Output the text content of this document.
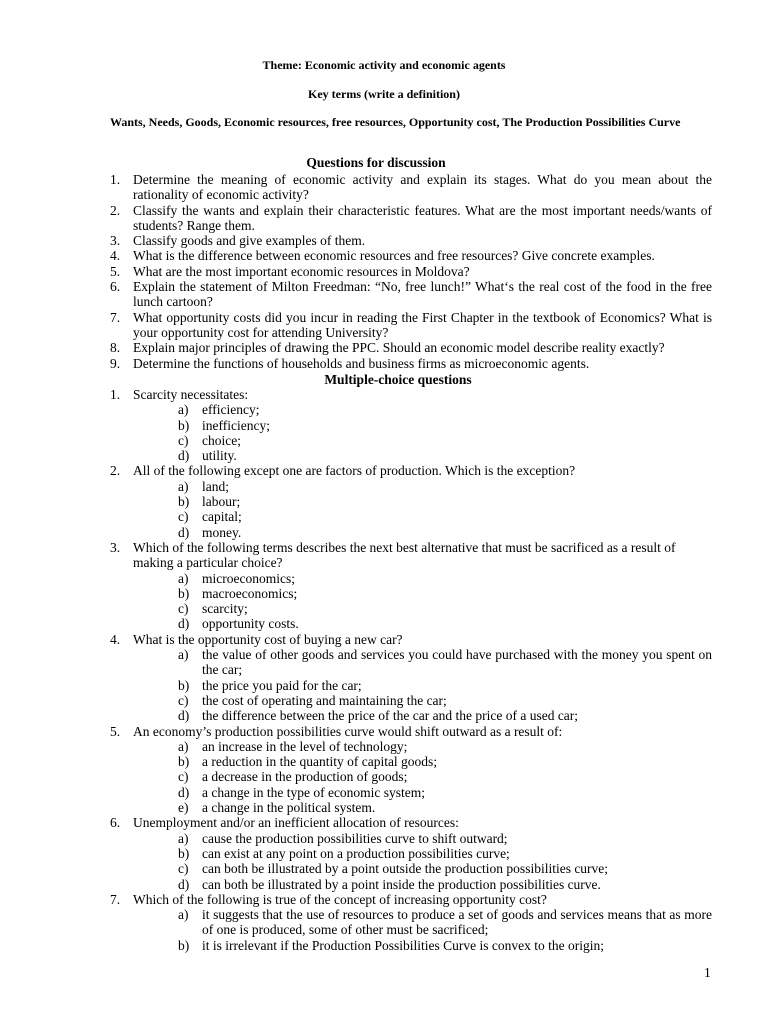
Theme: Economic activity and economic agents
Key terms (write a definition)
Wants, Needs, Goods, Economic resources, free resources, Opportunity cost, The Production Possibilities Curve
Questions for discussion
1. Determine the meaning of economic activity and explain its stages. What do you mean about the rationality of economic activity?
2. Classify the wants and explain their characteristic features. What are the most important needs/wants of students? Range them.
3. Classify goods and give examples of them.
4. What is the difference between economic resources and free resources? Give concrete examples.
5. What are the most important economic resources in Moldova?
6. Explain the statement of Milton Freedman: “No, free lunch!” What‘s the real cost of the food in the free lunch cartoon?
7. What opportunity costs did you incur in reading the First Chapter in the textbook of Economics? What is your opportunity cost for attending University?
8. Explain major principles of drawing the PPC. Should an economic model describe reality exactly?
9. Determine the functions of households and business firms as microeconomic agents.
Multiple-choice questions
1. Scarcity necessitates:
a) efficiency;
b) inefficiency;
c) choice;
d) utility.
2. All of the following except one are factors of production. Which is the exception?
a) land;
b) labour;
c) capital;
d) money.
3. Which of the following terms describes the next best alternative that must be sacrificed as a result of making a particular choice?
a) microeconomics;
b) macroeconomics;
c) scarcity;
d) opportunity costs.
4. What is the opportunity cost of buying a new car?
a) the value of other goods and services you could have purchased with the money you spent on the car;
b) the price you paid for the car;
c) the cost of operating and maintaining the car;
d) the difference between the price of the car and the price of a used car;
5. An economy’s production possibilities curve would shift outward as a result of:
a) an increase in the level of technology;
b) a reduction in the quantity of capital goods;
c) a decrease in the production of goods;
d) a change in the type of economic system;
e) a change in the political system.
6. Unemployment and/or an inefficient allocation of resources:
a) cause the production possibilities curve to shift outward;
b) can exist at any point on a production possibilities curve;
c) can both be illustrated by a point outside the production possibilities curve;
d) can both be illustrated by a point inside the production possibilities curve.
7. Which of the following is true of the concept of increasing opportunity cost?
a) it suggests that the use of resources to produce a set of goods and services means that as more of one is produced, some of other must be sacrificed;
b) it is irrelevant if the Production Possibilities Curve is convex to the origin;
1
